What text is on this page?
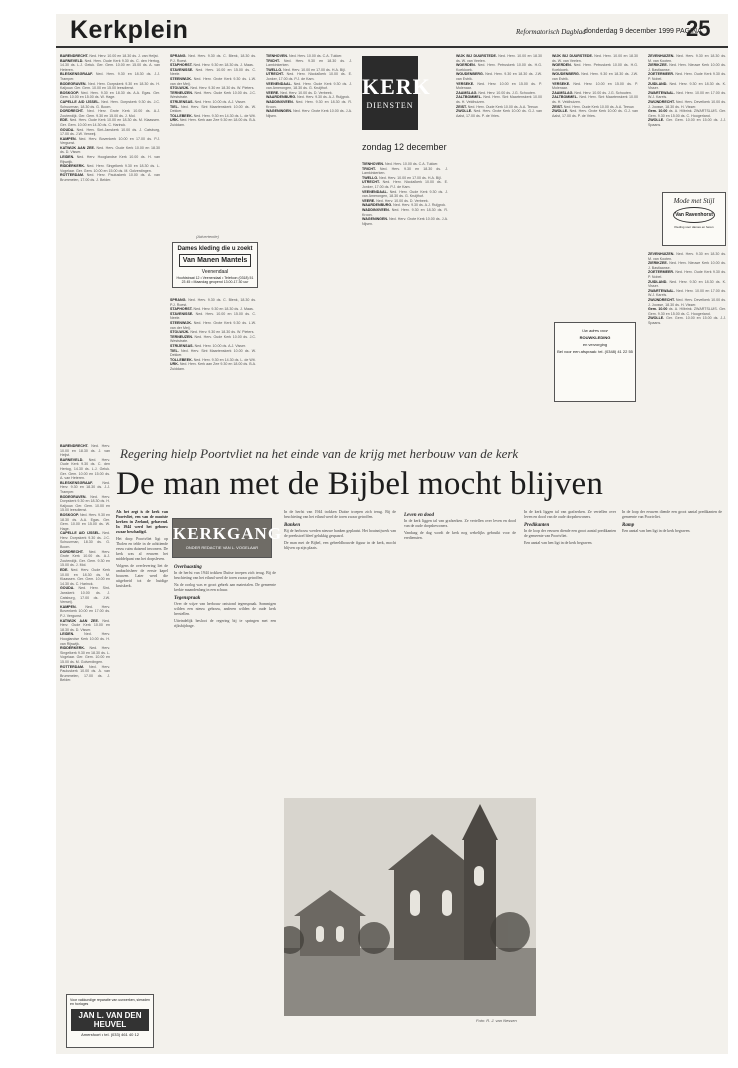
Kerkplein	Reformatorisch Dagblad
donderdag 9 december 1999 PAGINA
25

BARENDRECHT. Ned. Herv. 10.00 en 18.30 ds. J. van Heijst.

BARNEVELD. Ned. Herv. Oude Kerk 9.30 ds. C. den Hertog, 14.30 ds. L.J. Geluk. Ger. Gem. 10.00 en 15.00 ds. A. van Heteren.

BLESKENSGRAAF. Ned. Herv. 9.30 en 18.30 ds. J.J. Tramper.

BODEGRAVEN. Ned. Herv. Dorpskerk 9.30 en 18.30 ds. H. Kaljouw. Ger. Gem. 10.00 en 15.00 leesdienst.

BOSKOOP. Ned. Herv. 9.30 en 18.30 ds. A.A. Egas. Ger. Gem. 10.00 en 15.00 ds. W. Hage.

CAPELLE A/D IJSSEL. Ned. Herv. Dorpskerk 9.30 ds. J.C. Schuurman, 18.30 ds. G. Boom.

DORDRECHT. Ned. Herv. Grote Kerk 10.00 ds. A.J. Zoutendijk. Ger. Gem. 9.30 en 15.00 ds. J. Mol.

EDE. Ned. Herv. Oude Kerk 10.00 en 18.30 ds. M. Klaassen. Ger. Gem. 10.00 en 14.30 ds. C. Harinck.

GOUDA. Ned. Herv. Sint-Janskerk 10.00 ds. J. Catsburg, 17.00 ds. J.W. Verweij.

KAMPEN. Ned. Herv. Bovenkerk 10.00 en 17.00 ds. P.J. Vergunst.

KATWIJK AAN ZEE. Ned. Herv. Oude Kerk 10.00 en 18.30 ds. D. Visser.

LEIDEN. Ned. Herv. Hooglandse Kerk 10.00 ds. H. van Rijswijk.

RIDDERKERK. Ned. Herv. Singelkerk 9.30 en 18.30 ds. L. Vogelaar. Ger. Gem. 10.00 en 15.00 ds. M. Golverdingen.

ROTTERDAM. Ned. Herv. Pauluskerk 10.00 ds. A. van Brummelen, 17.00 ds. J. Belder.

SPRANG. Ned. Herv. 9.30 ds. C. Blenk, 18.30 ds. P.J. Roest.

STAPHORST. Ned. Herv. 9.30 en 18.30 ds. J. Maas.

STAVENISSE. Ned. Herv. 10.00 en 15.00 ds. C. Neele.

STEENWIJK. Ned. Herv. Grote Kerk 9.30 ds. L.W. van der Meij.

STOLWIJK. Ned. Herv. 9.30 en 18.30 ds. W. Pieters.

TERNEUZEN. Ned. Herv. Oude Kerk 10.00 ds. J.C. Weststrate.

STRIJENSAS. Ned. Herv. 10.00 ds. A.J. Visser.

TIEL. Ned. Herv. Sint Maartenskerk 10.00 ds. W. Dekker.

TOLLEBEEK. Ned. Herv. 9.30 en 14.30 ds. L. de Wit.

URK. Ned. Herv. Kerk aan Zee 9.30 en 18.00 ds. B.A. Zuiddam.

Dames kleding die u zoekt
Van Manen Mantels
Veenendaal
Hoofdstraat 12 • Veenendaal • Telefoon (0318) 51 23 45 • Maandag geopend 13.00-17.30 uur
(Advertentie)

SPRANG. Ned. Herv. 9.30 ds. C. Blenk, 18.30 ds. P.J. Roest.

STAPHORST. Ned. Herv. 9.30 en 18.30 ds. J. Maas.

STAVENISSE. Ned. Herv. 10.00 en 15.00 ds. C. Neele.

STEENWIJK. Ned. Herv. Grote Kerk 9.30 ds. L.W. van der Meij.

STOLWIJK. Ned. Herv. 9.30 en 18.30 ds. W. Pieters.

TERNEUZEN. Ned. Herv. Oude Kerk 10.00 ds. J.C. Weststrate.

STRIJENSAS. Ned. Herv. 10.00 ds. A.J. Visser.

TIEL. Ned. Herv. Sint Maartenskerk 10.00 ds. W. Dekker.

TOLLEBEEK. Ned. Herv. 9.30 en 14.30 ds. L. de Wit.

URK. Ned. Herv. Kerk aan Zee 9.30 en 18.00 ds. B.A. Zuiddam.

TIENHOVEN. Ned. Herv. 10.00 ds. C.A. Tukker.

TRICHT. Ned. Herv. 9.30 en 18.30 ds. J. Lamkinkerken.

TWELLO. Ned. Herv. 10.00 en 17.00 ds. H.A. Bijl.

UTRECHT. Ned. Herv. Nicolaïkerk 10.00 ds. E. Jonker, 17.00 ds. P.J. de Kam.

VEENENDAAL. Ned. Herv. Oude Kerk 9.30 ds. J. van Amerongen, 18.30 ds. G. Kruijthof.

VEERE. Ned. Herv. 10.00 ds. D. Verbeek.

WAARDENBURG. Ned. Herv. 9.30 ds. A.J. Ruijgrok.

WADDINXVEEN. Ned. Herv. 9.30 en 18.30 ds. R. Kroon.

WAGENINGEN. Ned. Herv. Grote Kerk 10.00 ds. J.A. Nijsen.

KERK
DIENSTEN
zondag 12 december

WIJK BIJ DUURSTEDE. Ned. Herv. 10.00 en 18.30 ds. W. van Veelen.

WOERDEN. Ned. Herv. Petruskerk 10.00 ds. H.G. Koekkoek.

WOUDENBERG. Ned. Herv. 9.30 en 18.30 ds. J.W. van Estrik.

YERSEKE. Ned. Herv. 10.00 en 15.00 ds. P. Molenaar.

ZAAMSLAG. Ned. Herv. 10.00 ds. J.G. Schouten.

ZALTBOMMEL. Ned. Herv. Sint Maartenskerk 10.00 ds. H. Veldhuizen.

ZEIST. Ned. Herv. Oude Kerk 10.00 ds. A.A. Teeuw.

ZWOLLE. Ned. Herv. Grote Kerk 10.00 ds. G.J. van Aalst, 17.00 ds. P. de Vries.

TIENHOVEN. Ned. Herv. 10.00 ds. C.A. Tukker.

TRICHT. Ned. Herv. 9.30 en 18.30 ds. J. Lamkinkerken.

TWELLO. Ned. Herv. 10.00 en 17.00 ds. H.A. Bijl.

UTRECHT. Ned. Herv. Nicolaïkerk 10.00 ds. E. Jonker, 17.00 ds. P.J. de Kam.

VEENENDAAL. Ned. Herv. Oude Kerk 9.30 ds. J. van Amerongen, 18.30 ds. G. Kruijthof.

VEERE. Ned. Herv. 10.00 ds. D. Verbeek.

WAARDENBURG. Ned. Herv. 9.30 ds. A.J. Ruijgrok.

WADDINXVEEN. Ned. Herv. 9.30 en 18.30 ds. R. Kroon.

WAGENINGEN. Ned. Herv. Grote Kerk 10.00 ds. J.A. Nijsen.

WIJK BIJ DUURSTEDE. Ned. Herv. 10.00 en 18.30 ds. W. van Veelen.

WOERDEN. Ned. Herv. Petruskerk 10.00 ds. H.G. Koekkoek.

WOUDENBERG. Ned. Herv. 9.30 en 18.30 ds. J.W. van Estrik.

YERSEKE. Ned. Herv. 10.00 en 15.00 ds. P. Molenaar.

ZAAMSLAG. Ned. Herv. 10.00 ds. J.G. Schouten.

ZALTBOMMEL. Ned. Herv. Sint Maartenskerk 10.00 ds. H. Veldhuizen.

ZEIST. Ned. Herv. Oude Kerk 10.00 ds. A.A. Teeuw.

ZWOLLE. Ned. Herv. Grote Kerk 10.00 ds. G.J. van Aalst, 17.00 ds. P. de Vries.

Mode met Stijl
Van Ravenhorst
Kleding voor dames en heren

ZEVENHUIZEN. Ned. Herv. 9.30 en 18.30 ds. M. van Kooten.

ZIERIKZEE. Ned. Herv. Nieuwe Kerk 10.00 ds. J. Bastiaanse.

ZOETERMEER. Ned. Herv. Oude Kerk 9.30 ds. P. Nobel.

ZUIDLAND. Ned. Herv. 9.30 en 18.30 ds. K. Visser.

ZWARTEWAAL. Ned. Herv. 10.00 en 17.00 ds. W.J. Karels.

ZWIJNDRECHT. Ned. Herv. Develkerk 10.00 ds. J. Joosse, 18.30 ds. H. Visser.

Gem. 10.00 ds. A. Hilbrink. ZWARTSLUIS. Ger. Gem. 9.30 en 15.00 ds. C. Hoogerland.

ZWOLLE. Ger. Gem. 10.00 en 15.00 ds. J.J. Spaans.

ZEVENHUIZEN. Ned. Herv. 9.30 en 18.30 ds. M. van Kooten.

ZIERIKZEE. Ned. Herv. Nieuwe Kerk 10.00 ds. J. Bastiaanse.

ZOETERMEER. Ned. Herv. Oude Kerk 9.30 ds. P. Nobel.

ZUIDLAND. Ned. Herv. 9.30 en 18.30 ds. K. Visser.

ZWARTEWAAL. Ned. Herv. 10.00 en 17.00 ds. W.J. Karels.

ZWIJNDRECHT. Ned. Herv. Develkerk 10.00 ds. J. Joosse, 18.30 ds. H. Visser.

Gem. 10.00 ds. A. Hilbrink. ZWARTSLUIS. Ger. Gem. 9.30 en 15.00 ds. C. Hoogerland.

ZWOLLE. Ger. Gem. 10.00 en 15.00 ds. J.J. Spaans.

Uw adres voor
ROUWKLEDING
en verzorging
Bel voor een afspraak: tel. (0348) 41 22 55
Regering hielp Poortvliet na het einde van de krijg met herbouw van de kerk
De man met de Bijbel mocht blijven

BARENDRECHT. Ned. Herv. 10.00 en 18.30 ds. J. van Heijst.

BARNEVELD. Ned. Herv. Oude Kerk 9.30 ds. C. den Hertog, 14.30 ds. L.J. Geluk. Ger. Gem. 10.00 en 15.00 ds. A. van Heteren.

BLESKENSGRAAF. Ned. Herv. 9.30 en 18.30 ds. J.J. Tramper.

BODEGRAVEN. Ned. Herv. Dorpskerk 9.30 en 18.30 ds. H. Kaljouw. Ger. Gem. 10.00 en 15.00 leesdienst.

BOSKOOP. Ned. Herv. 9.30 en 18.30 ds. A.A. Egas. Ger. Gem. 10.00 en 15.00 ds. W. Hage.

CAPELLE A/D IJSSEL. Ned. Herv. Dorpskerk 9.30 ds. J.C. Schuurman, 18.30 ds. G. Boom.

DORDRECHT. Ned. Herv. Grote Kerk 10.00 ds. A.J. Zoutendijk. Ger. Gem. 9.30 en 15.00 ds. J. Mol.

EDE. Ned. Herv. Oude Kerk 10.00 en 18.30 ds. M. Klaassen. Ger. Gem. 10.00 en 14.30 ds. C. Harinck.

GOUDA. Ned. Herv. Sint-Janskerk 10.00 ds. J. Catsburg, 17.00 ds. J.W. Verweij.

KAMPEN. Ned. Herv. Bovenkerk 10.00 en 17.00 ds. P.J. Vergunst.

KATWIJK AAN ZEE. Ned. Herv. Oude Kerk 10.00 en 18.30 ds. D. Visser.

LEIDEN. Ned. Herv. Hooglandse Kerk 10.00 ds. H. van Rijswijk.

RIDDERKERK. Ned. Herv. Singelkerk 9.30 en 18.30 ds. L. Vogelaar. Ger. Gem. 10.00 en 15.00 ds. M. Golverdingen.

ROTTERDAM. Ned. Herv. Pauluskerk 10.00 ds. A. van Brummelen, 17.00 ds. J. Belder.

KERKGANG
ONDER REDACTIE VAN L. VOGELAAR

Als het zegt is de kerk van Poortvliet, een van de mooiste kerken in Zeeland, gehavend. In 1944 werd het gebouw zwaar beschadigd.

Het dorp Poortvliet ligt op Tholen en telde in de achttiende eeuw ruim duizend inwoners. De kerk was al eeuwen het middelpunt van het dorpsleven.

Volgens de overlevering liet de ambachtsheer de eerste kapel bouwen. Later werd die uitgebreid tot de huidige kruiskerk.

Overhaasting

In de herfst van 1944 trokken Duitse troepen zich terug. Bij de beschieting van het eiland werd de toren zwaar getroffen.

Na de oorlog was er groot gebrek aan materialen. De gemeente kerkte maandenlang in een schuur.

Tegenspraak

Over de wijze van herbouw ontstond tegenspraak. Sommigen wilden een nieuw gebouw, anderen wilden de oude kerk herstellen.

Uiteindelijk besloot de regering bij te springen met een rijksbijdrage.

In de herfst van 1944 trokken Duitse troepen zich terug. Bij de beschieting van het eiland werd de toren zwaar getroffen.

Banken

Bij de herbouw werden nieuwe banken geplaatst. Het houtsnijwerk van de preekstoel bleef gelukkig gespaard.

De man met de Bijbel, een gebeeldhouwde figuur in de kerk, mocht blijven op zijn plaats.

Leven en dood

In de kerk liggen tal van grafzerken. Ze vertellen over leven en dood van de oude dorpsbewoners.

Vandaag de dag wordt de kerk nog wekelijks gebruikt voor de erediensten.

In de kerk liggen tal van grafzerken. Ze vertellen over leven en dood van de oude dorpsbewoners.

Predikanten

In de loop der eeuwen diende een groot aantal predikanten de gemeente van Poortvliet.

Een aantal van hen ligt in de kerk begraven.

In de loop der eeuwen diende een groot aantal predikanten de gemeente van Poortvliet.

Ramp

Een aantal van hen ligt in de kerk begraven.

Foto: R. J. van Nessen
Voor vakkundige reparatie van uurwerken, sieraden en horloges
JAN L. VAN DEN HEUVEL
Amersfoort • tel. (033) 461 40 12
